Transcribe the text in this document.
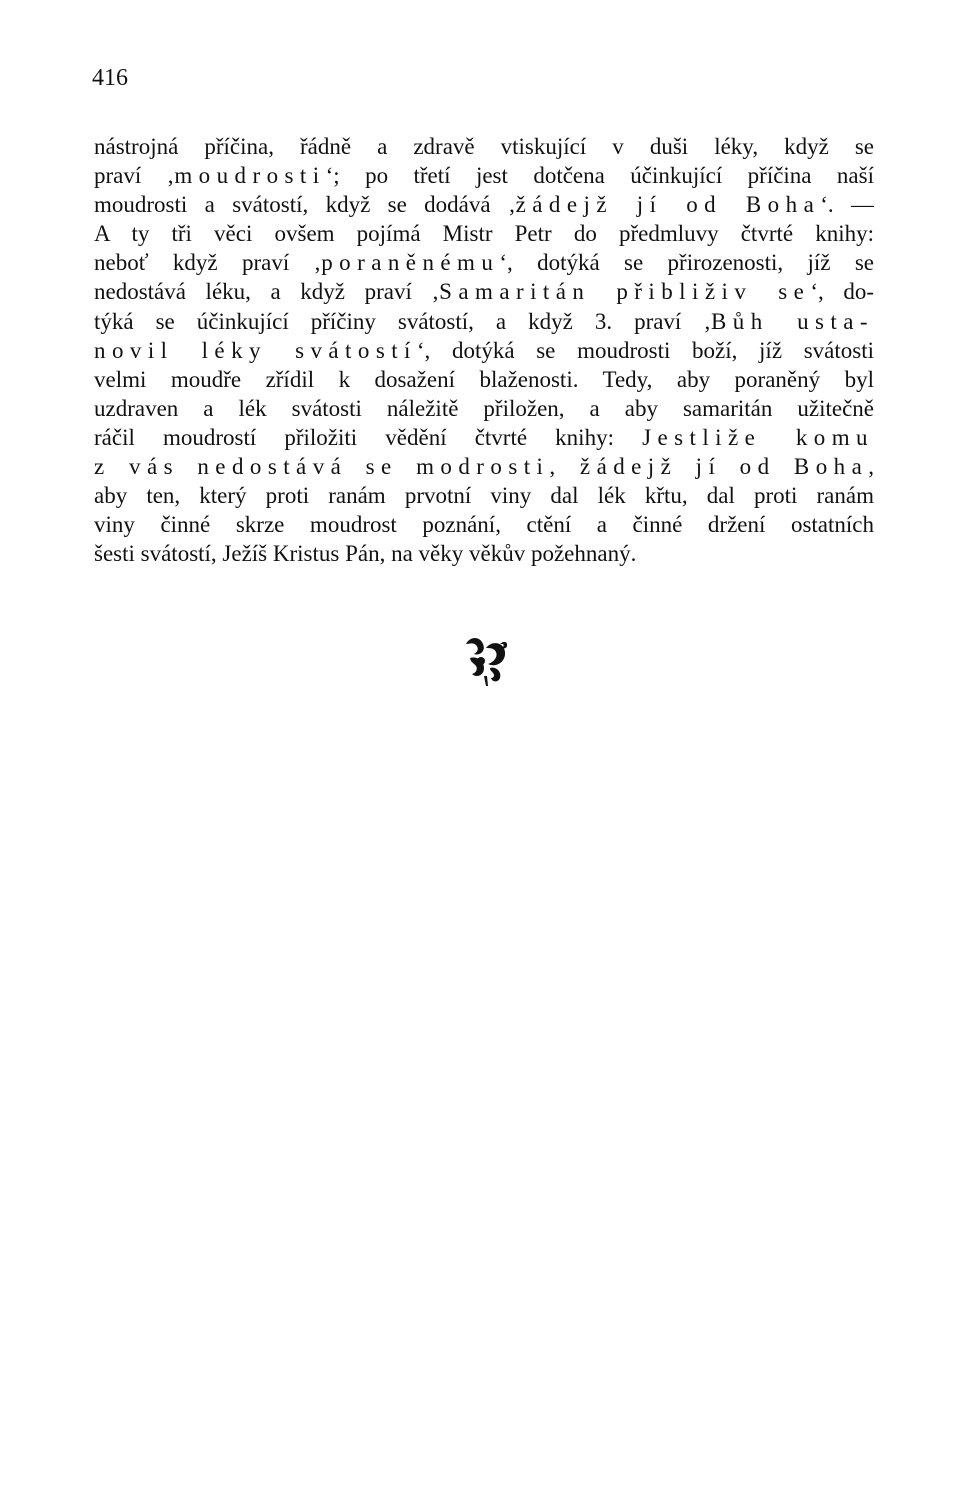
416
nástrojná příčina, řádně a zdravě vtiskující v duši léky, když se
praví ‚moudrosti‘; po třetí jest dotčena účinkující příčina naší
moudrosti a svátostí, když se dodává ‚žádejž jí od Boha‘. —
A ty tři věci ovšem pojímá Mistr Petr do předmluvy čtvrté knihy:
neboť když praví ‚poraněnému‘, dotýká se přirozenosti, jíž se
nedostává léku, a když praví ‚Samaritán přibliživ se‘, do-
týká se účinkující příčiny svátostí, a když 3. praví ‚Bůh usta-
novil léky svátostí‘, dotýká se moudrosti boží, jíž svátosti
velmi moudře zřídil k dosažení blaženosti. Tedy, aby poraněný byl
uzdraven a lék svátosti náležitě přiložen, a aby samaritán užitečně
ráčil moudrostí přiložiti vědění čtvrté knihy: Jestliže komu
z vás nedostává se modrosti, žádejž jí od Boha,
aby ten, který proti ranám prvotní viny dal lék křtu, dal proti ranám
viny činné skrze moudrost poznání, ctění a činné držení ostatních
šesti svátostí, Ježíš Kristus Pán, na věky věkův požehnaný.
